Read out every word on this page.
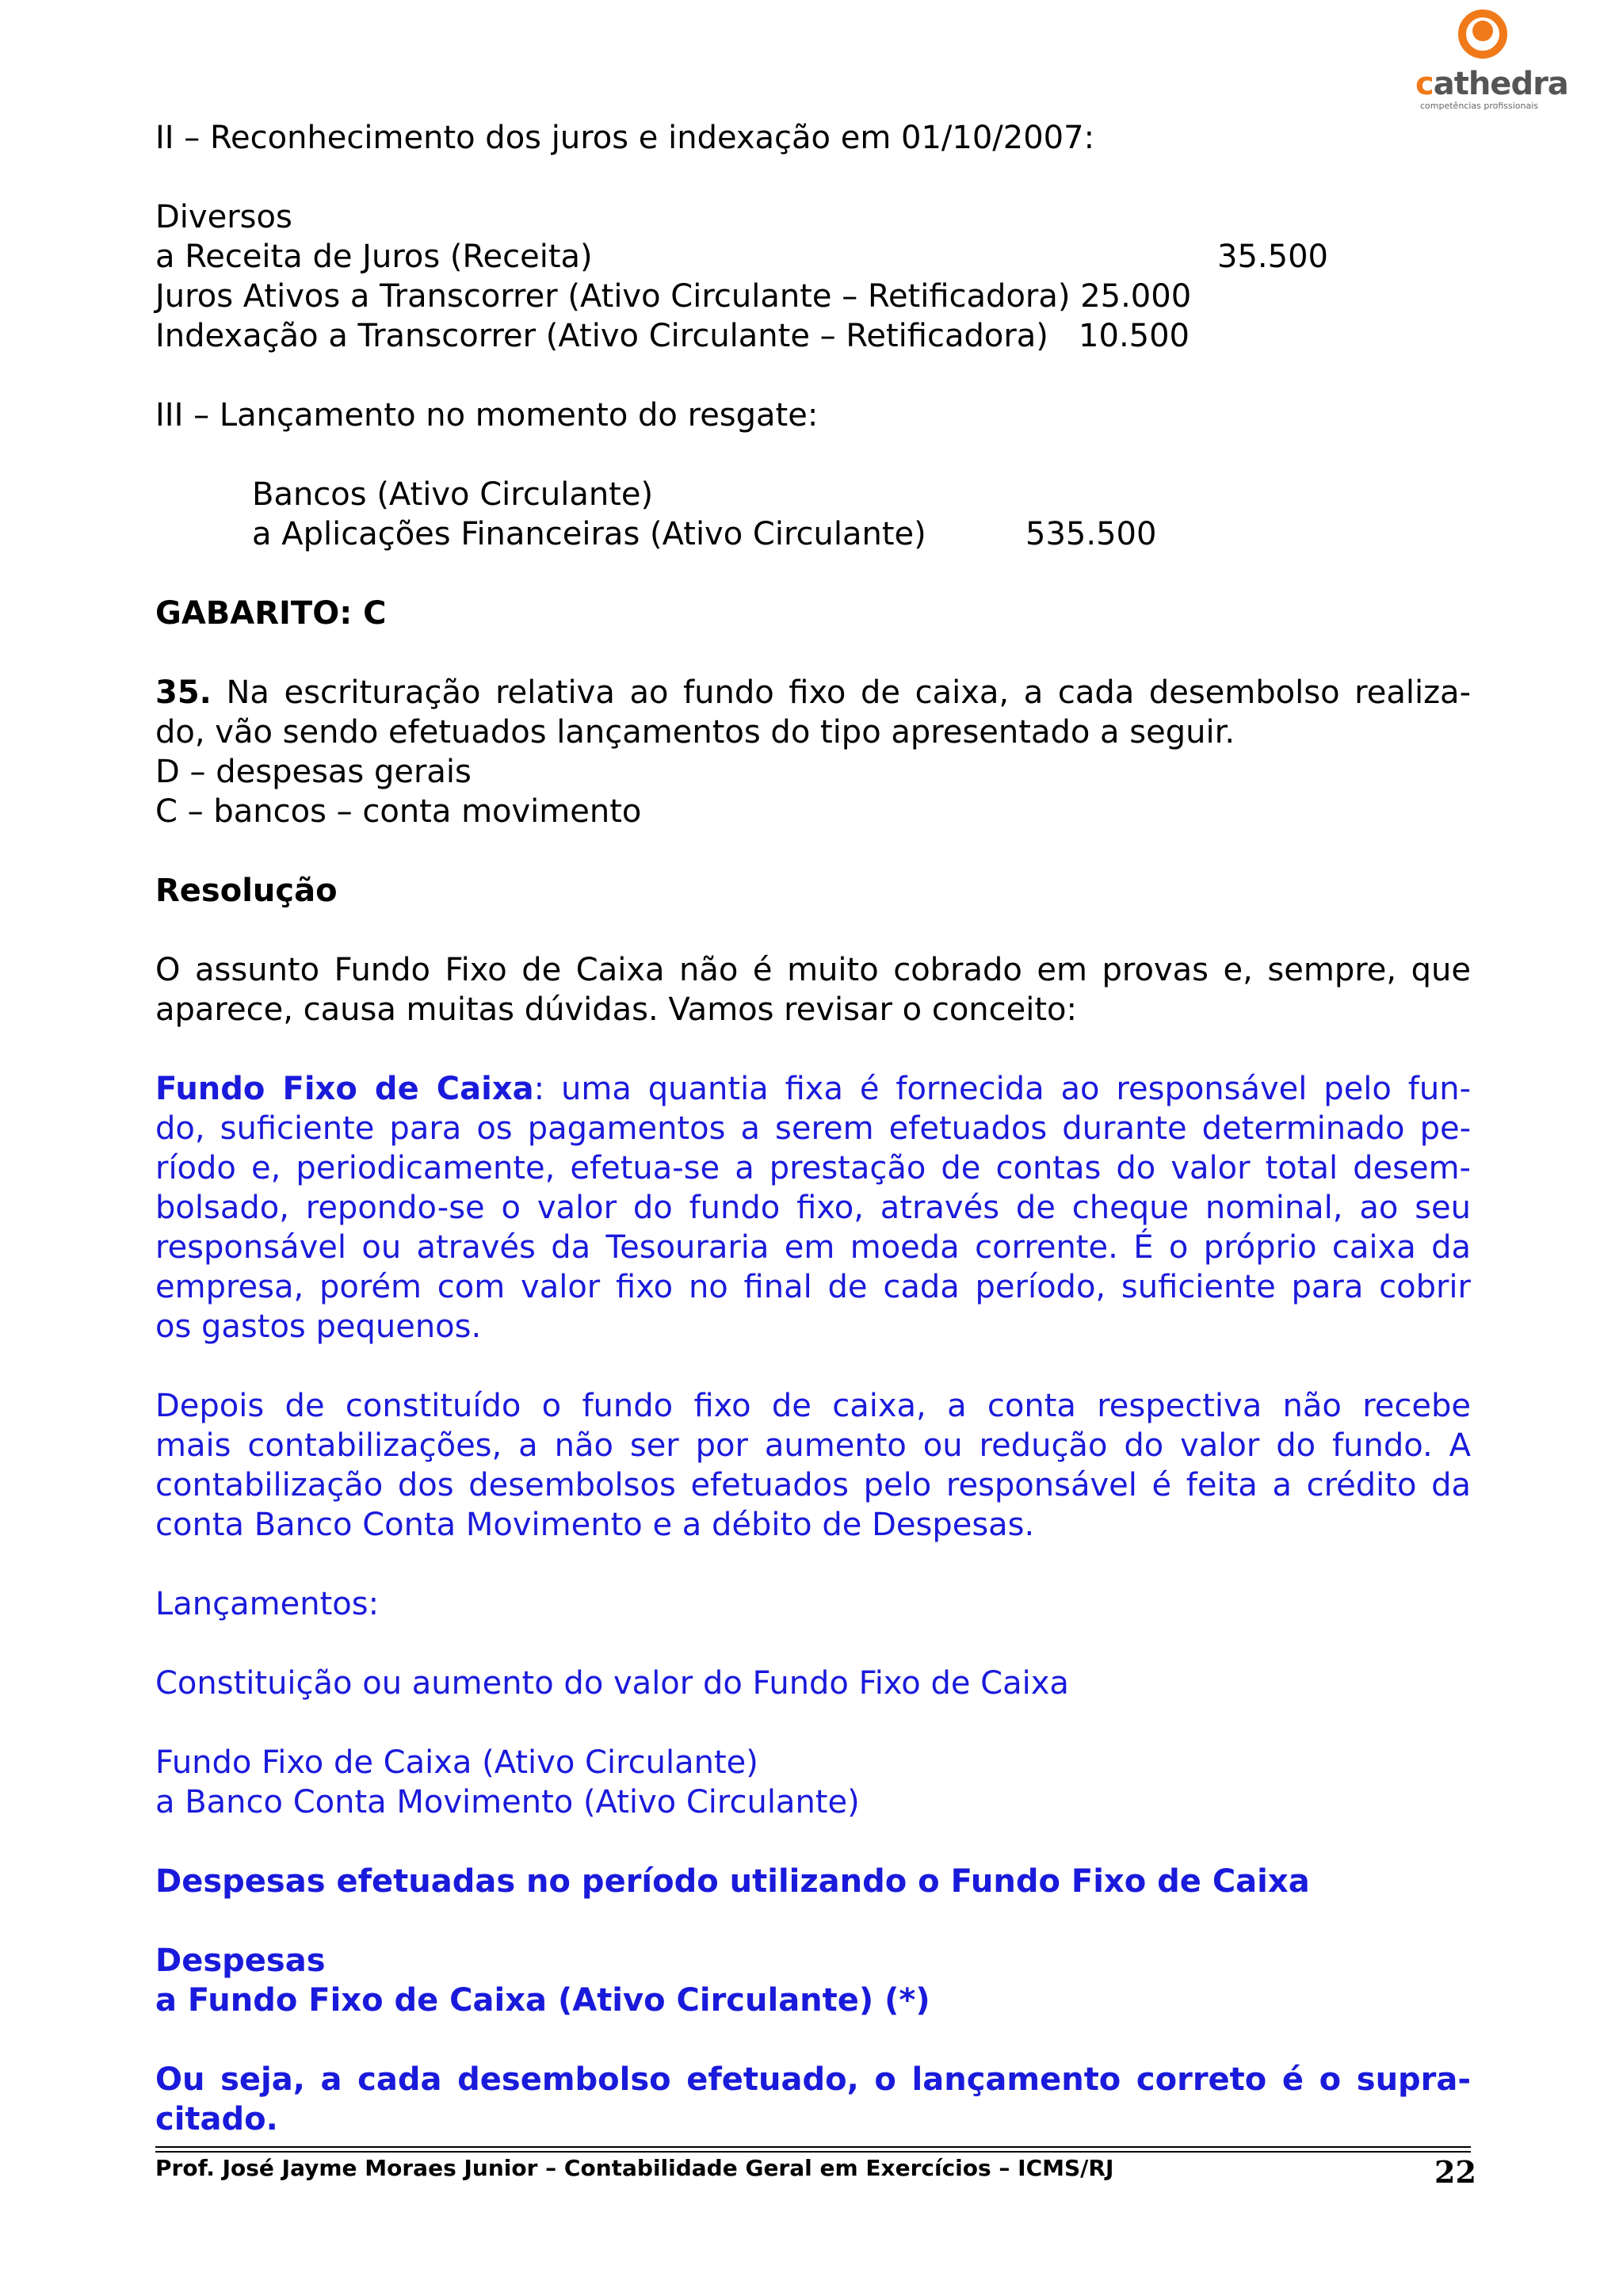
cathedra
competências profissionais

II – Reconhecimento dos juros e indexação em 01/10/2007:

Diversos

a Receita de Juros (Receita)	35.500

Juros Ativos a Transcorrer (Ativo Circulante – Retificadora) 25.000

Indexação a Transcorrer (Ativo Circulante – Retificadora)   10.500

III – Lançamento no momento do resgate:

Bancos (Ativo Circulante)

a Aplicações Financeiras (Ativo Circulante)	535.500

GABARITO: C

35. Na escrituração relativa ao fundo fixo de caixa, a cada desembolso realiza-

do, vão sendo efetuados lançamentos do tipo apresentado a seguir.

D – despesas gerais

C – bancos – conta movimento

Resolução

O assunto Fundo Fixo de Caixa não é muito cobrado em provas e, sempre, que

aparece, causa muitas dúvidas. Vamos revisar o conceito:

Fundo Fixo de Caixa: uma quantia fixa é fornecida ao responsável pelo fun-

do, suficiente para os pagamentos a serem efetuados durante determinado pe-

ríodo e, periodicamente, efetua-se a prestação de contas do valor total desem-

bolsado, repondo-se o valor do fundo fixo, através de cheque nominal, ao seu

responsável ou através da Tesouraria em moeda corrente. É o próprio caixa da

empresa, porém com valor fixo no final de cada período, suficiente para cobrir

os gastos pequenos.

Depois de constituído o fundo fixo de caixa, a conta respectiva não recebe

mais contabilizações, a não ser por aumento ou redução do valor do fundo. A

contabilização dos desembolsos efetuados pelo responsável é feita a crédito da

conta Banco Conta Movimento e a débito de Despesas.

Lançamentos:

Constituição ou aumento do valor do Fundo Fixo de Caixa

Fundo Fixo de Caixa (Ativo Circulante)

a Banco Conta Movimento (Ativo Circulante)

Despesas efetuadas no período utilizando o Fundo Fixo de Caixa

Despesas

a Fundo Fixo de Caixa (Ativo Circulante) (*)

Ou seja, a cada desembolso efetuado, o lançamento correto é o supra-

citado.

Prof. José Jayme Moraes Junior – Contabilidade Geral em Exercícios – ICMS/RJ	22
